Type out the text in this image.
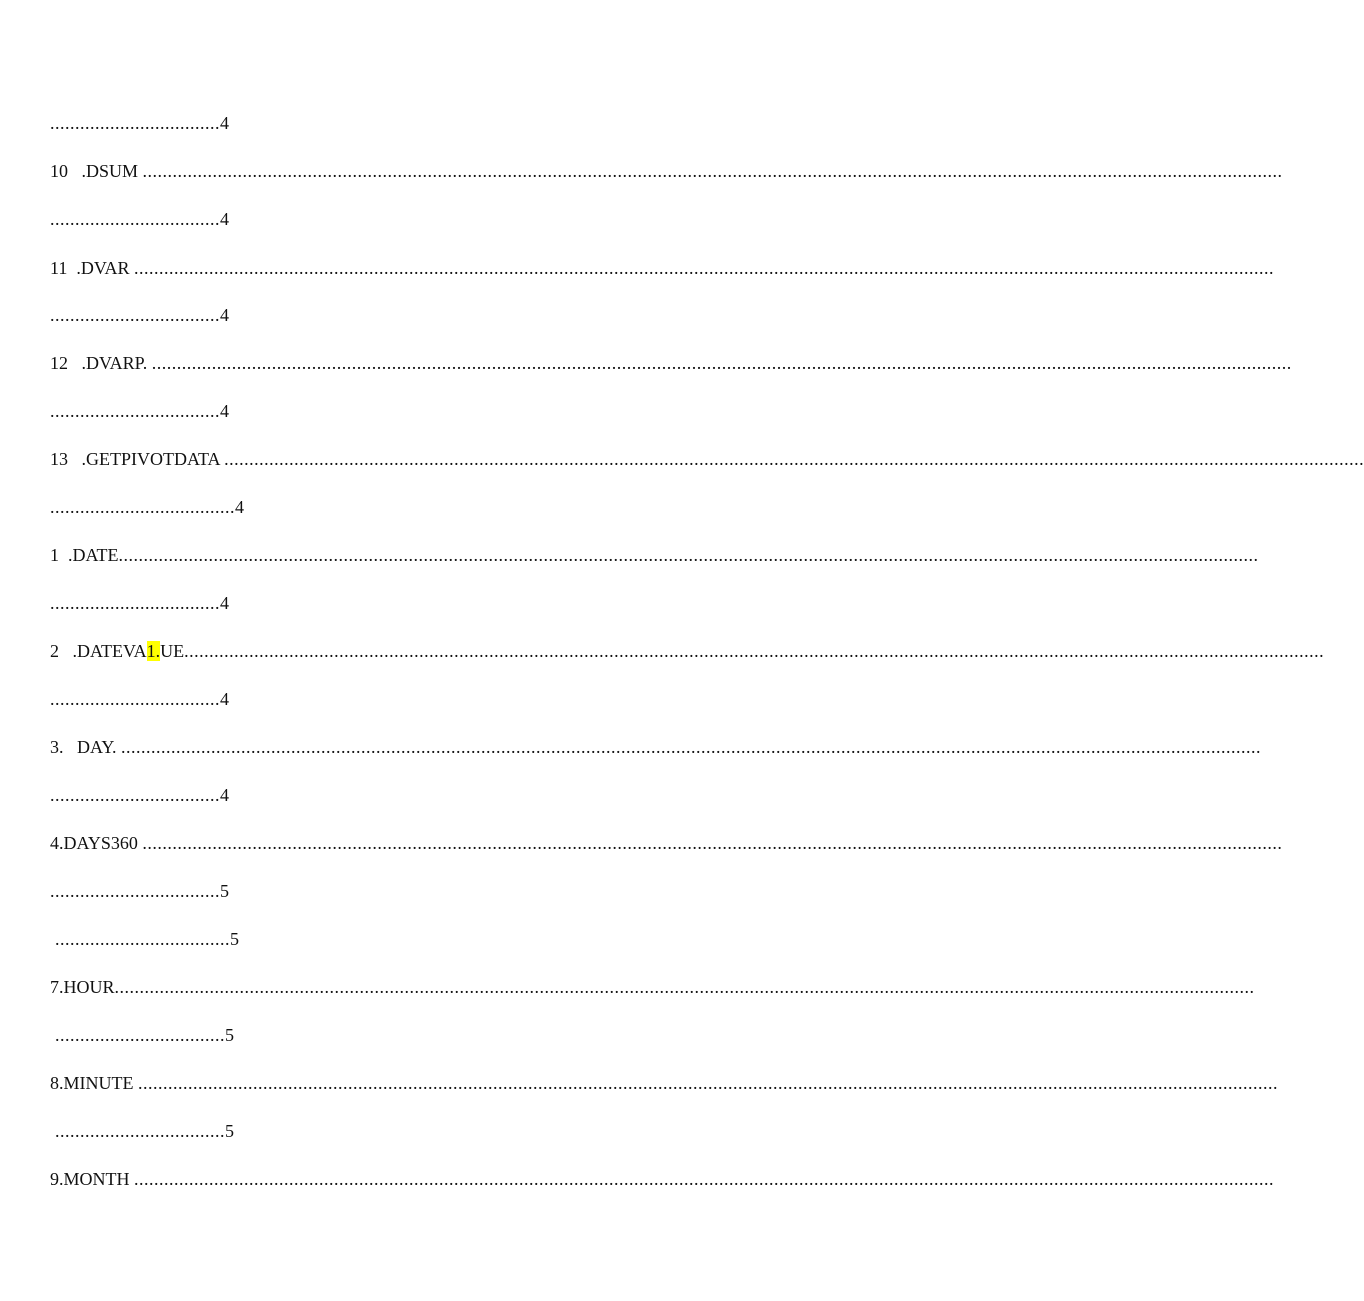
..................................4
10   .DSUM ....................................................................................................................................................................................................................................
..................................4
11  .DVAR ....................................................................................................................................................................................................................................
..................................4
12   .DVARP. ....................................................................................................................................................................................................................................
..................................4
13   .GETPIVOTDATA ....................................................................................................................................................................................................................................
.....................................4
1  .DATE ....................................................................................................................................................................................................................................
..................................4
2   .DATEVA1.UE ....................................................................................................................................................................................................................................
..................................4
3.   DAY. ....................................................................................................................................................................................................................................
..................................4
4.DAYS360 ....................................................................................................................................................................................................................................
..................................5
...................................5
7.HOUR ....................................................................................................................................................................................................................................
..................................5
8.MINUTE ....................................................................................................................................................................................................................................
..................................5
9.MONTH ....................................................................................................................................................................................................................................
